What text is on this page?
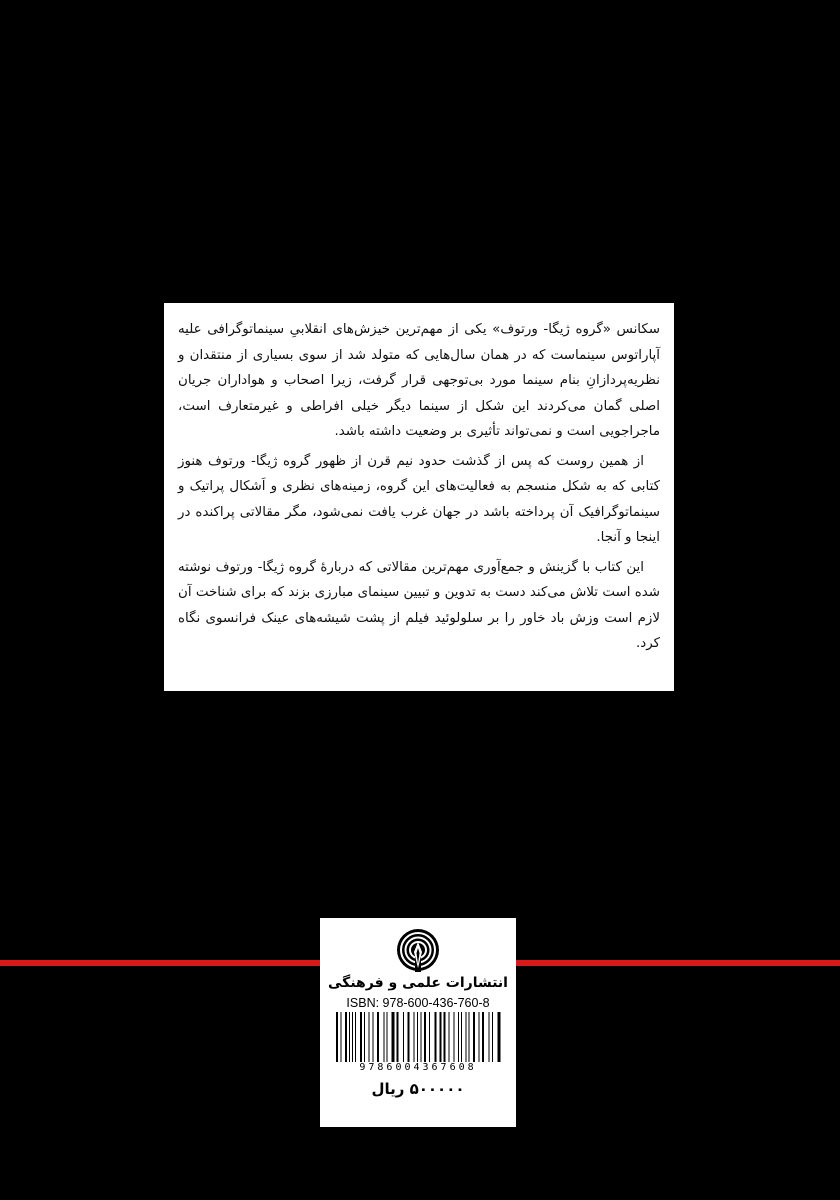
سکانس «گروه ژیگا- ورتوف» یکی از مهم‌ترین خیزش‌های انقلابیِ سینماتوگرافی علیه آپاراتوس سینماست که در همان سال‌هایی که متولد شد از سوی بسیاری از منتقدان و نظریه‌پردازانِ بنام سینما مورد بی‌توجهی قرار گرفت، زیرا اصحاب و هواداران جریان اصلی گمان می‌کردند این شکل از سینما دیگر خیلی افراطی و غیرمتعارف است، ماجراجویی است و نمی‌تواند تأثیری بر وضعیت داشته باشد.

از همین روست که پس از گذشت حدود نیم قرن از ظهور گروه ژیگا- ورتوف هنوز کتابی که به شکل منسجم به فعالیت‌های این گروه، زمینه‌های نظری و اَشکال پراتیک و سینماتوگرافیک آن پرداخته باشد در جهان غرب یافت نمی‌شود، مگر مقالاتی پراکنده در اینجا و آنجا.

این کتاب با گزینش و جمع‌آوری مهم‌ترین مقالاتی که دربارهٔ گروه ژیگا- ورتوف نوشته شده است تلاش می‌کند دست به تدوین و تبیین سینمای مبارزی بزند که برای شناخت آن لازم است وزش باد خاور را بر سلولوئید فیلم از پشت شیشه‌های عینک فرانسوی نگاه کرد.

انتشارات علمی و فرهنگی
ISBN: 978-600-436-760-8
9786004367608
۵۰۰۰۰۰ ریال
